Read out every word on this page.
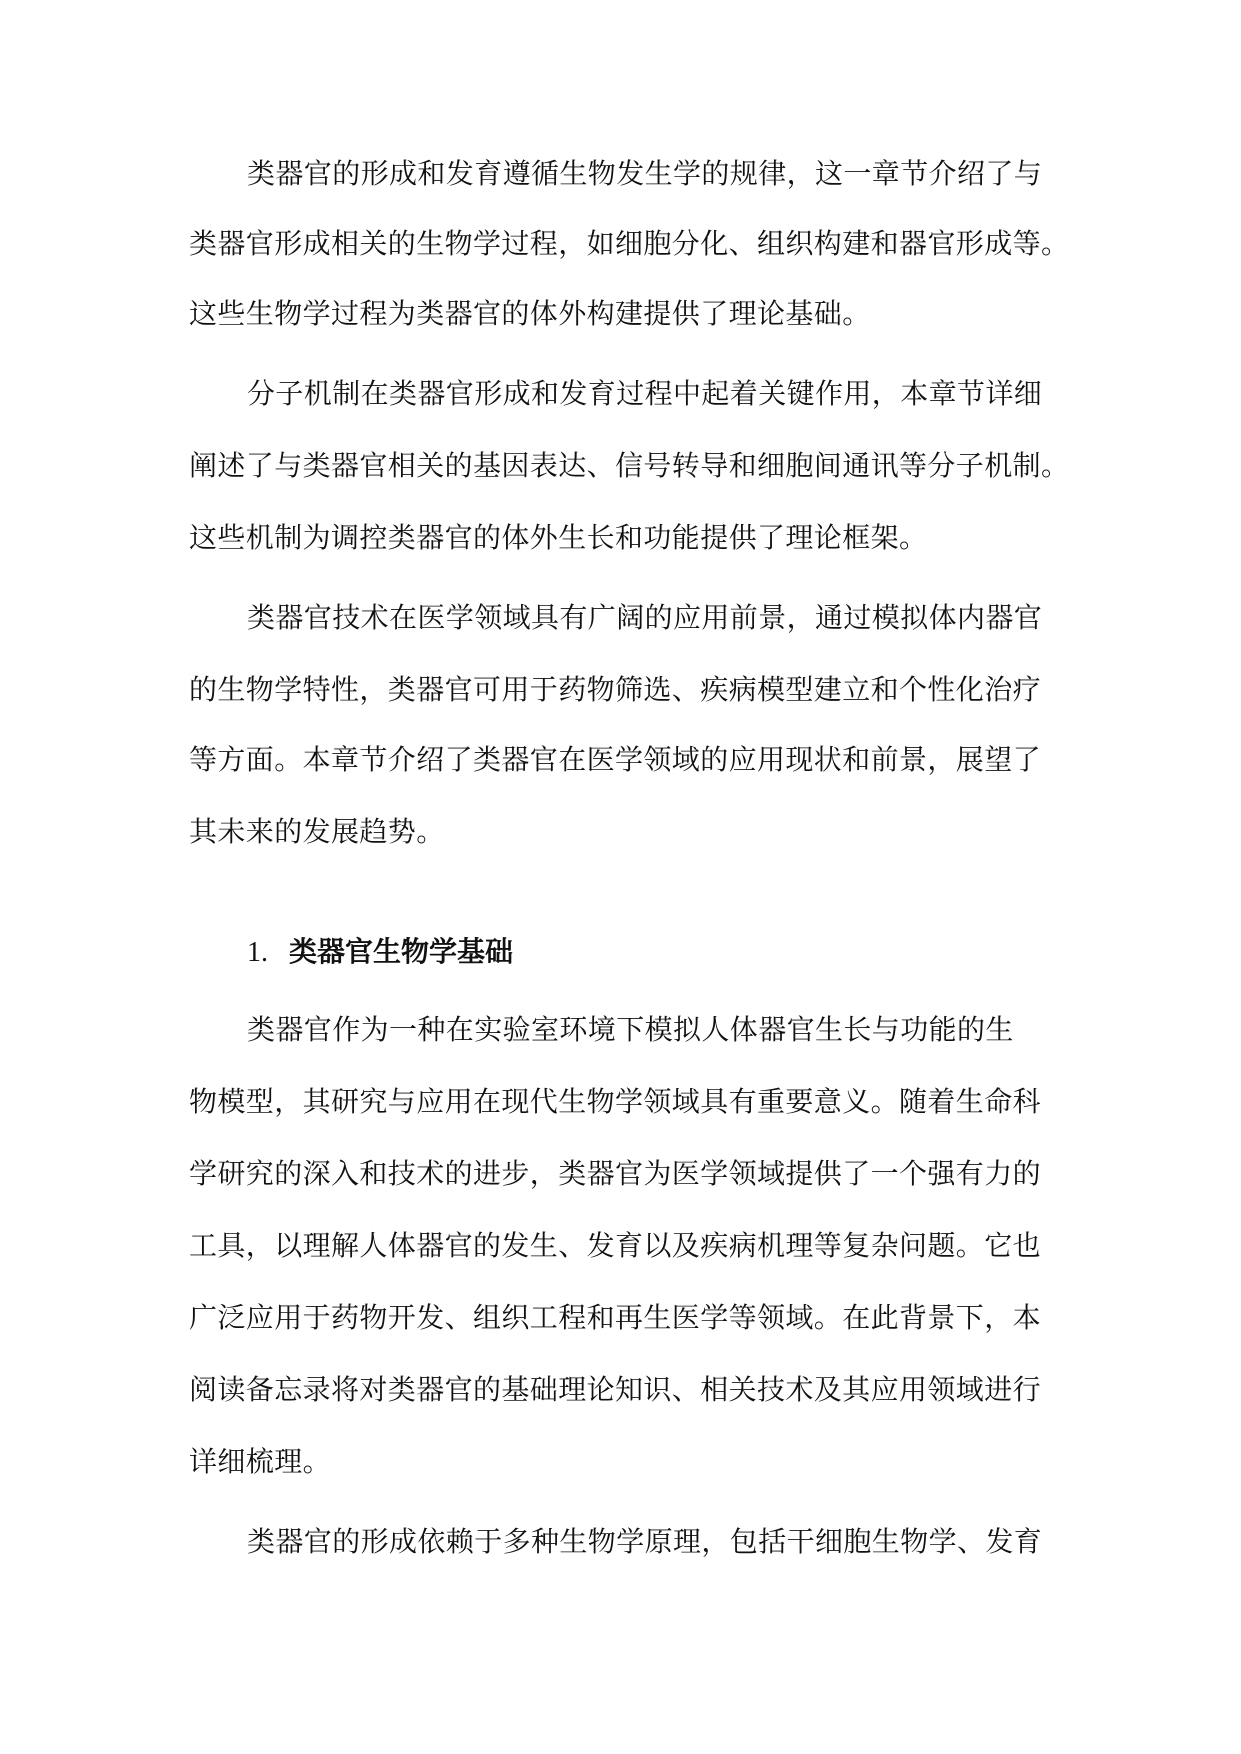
类器官的形成和发育遵循生物发生学的规律，这一章节介绍了与
类器官形成相关的生物学过程，如细胞分化、组织构建和器官形成等。
这些生物学过程为类器官的体外构建提供了理论基础。
分子机制在类器官形成和发育过程中起着关键作用，本章节详细
阐述了与类器官相关的基因表达、信号转导和细胞间通讯等分子机制。
这些机制为调控类器官的体外生长和功能提供了理论框架。
类器官技术在医学领域具有广阔的应用前景，通过模拟体内器官
的生物学特性，类器官可用于药物筛选、疾病模型建立和个性化治疗
等方面。本章节介绍了类器官在医学领域的应用现状和前景，展望了
其未来的发展趋势。
1. 类器官生物学基础
类器官作为一种在实验室环境下模拟人体器官生长与功能的生
物模型，其研究与应用在现代生物学领域具有重要意义。随着生命科
学研究的深入和技术的进步，类器官为医学领域提供了一个强有力的
工具，以理解人体器官的发生、发育以及疾病机理等复杂问题。它也
广泛应用于药物开发、组织工程和再生医学等领域。在此背景下，本
阅读备忘录将对类器官的基础理论知识、相关技术及其应用领域进行
详细梳理。
类器官的形成依赖于多种生物学原理，包括干细胞生物学、发育
